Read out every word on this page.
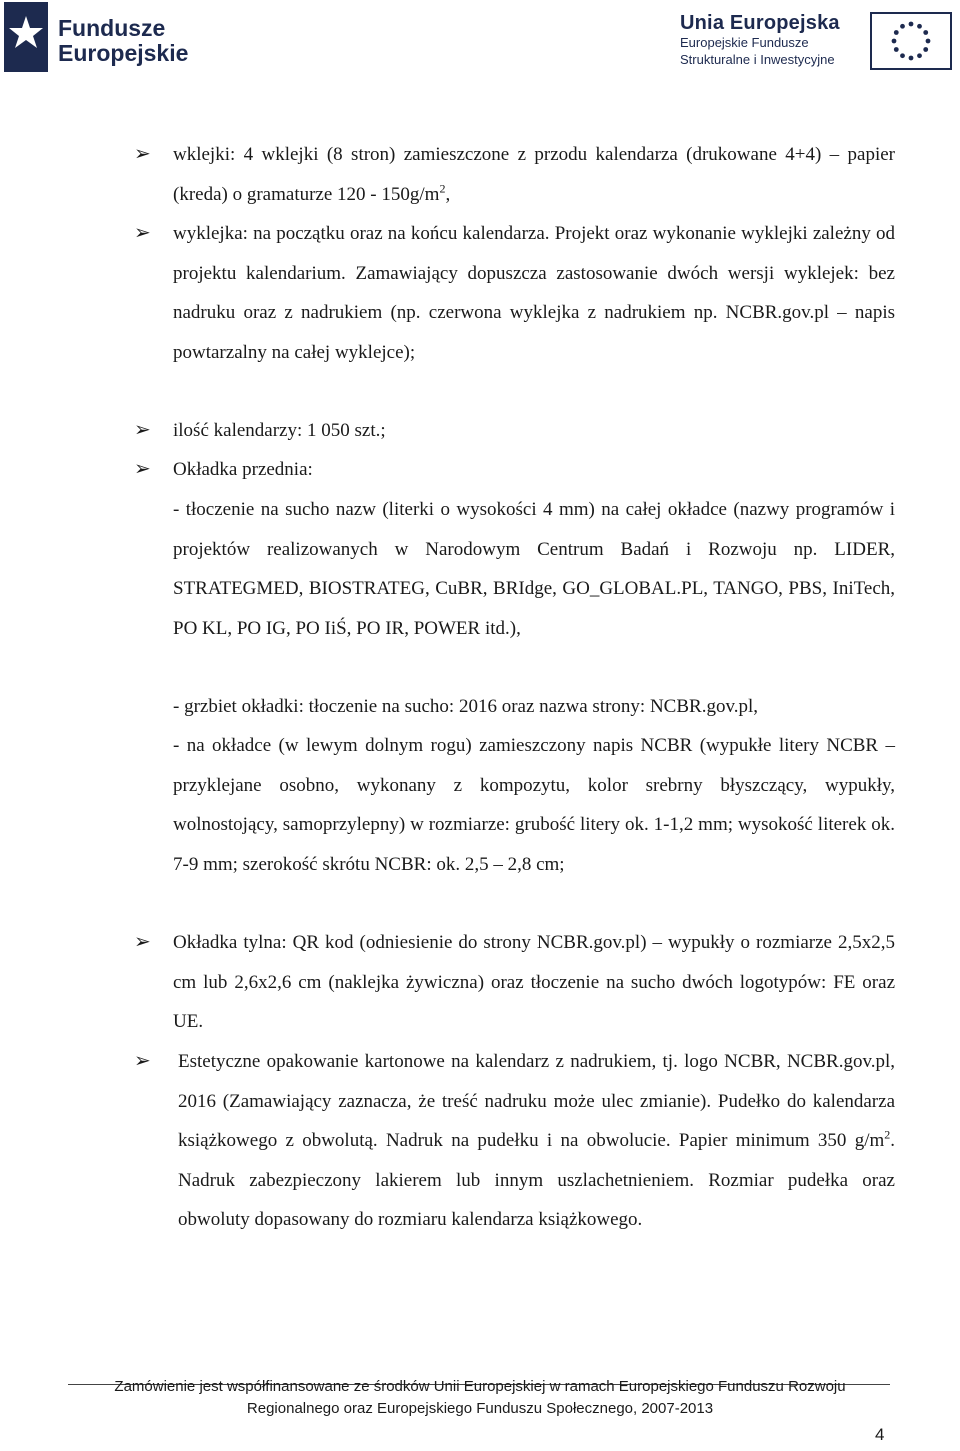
Fundusze
Europejskie
Unia Europejska
Europejskie Fundusze
Strukturalne i Inwestycyjne
➢ wklejki: 4 wklejki (8 stron) zamieszczone z przodu kalendarza (drukowane 4+4) – papier (kreda) o gramaturze $120 - 150g/m^2$,
➢ wyklejka: na początku oraz na końcu kalendarza. Projekt oraz wykonanie wyklejki zależny od projektu kalendarium. Zamawiający dopuszcza zastosowanie dwóch wersji wyklejek: bez nadruku oraz z nadrukiem (np. czerwona wyklejka z nadrukiem np. NCBR.gov.pl – napis powtarzalny na całej wyklejce);
➢ ilość kalendarzy: 1 050 szt.;
➢ Okładka przednia:
- tłoczenie na sucho nazw (literki o wysokości 4 mm) na całej okładce (nazwy programów i projektów realizowanych w Narodowym Centrum Badań i Rozwoju np. LIDER, STRATEGMED, BIOSTRATEG, CuBR, BRIdge, GO_GLOBAL.PL, TANGO, PBS, IniTech, PO KL, PO IG, PO IiŚ, PO IR, POWER itd.),
- grzbiet okładki: tłoczenie na sucho: 2016 oraz nazwa strony: NCBR.gov.pl,
- na okładce (w lewym dolnym rogu) zamieszczony napis NCBR (wypukłe litery NCBR – przyklejane osobno, wykonany z kompozytu, kolor srebrny błyszczący, wypukły, wolnostojący, samoprzylepny) w rozmiarze: grubość litery ok. 1-1,2 mm; wysokość literek ok. 7-9 mm; szerokość skrótu NCBR: ok. 2,5 – 2,8 cm;
➢ Okładka tylna: QR kod (odniesienie do strony NCBR.gov.pl) – wypukły o rozmiarze 2,5x2,5 cm lub 2,6x2,6 cm (naklejka żywiczna) oraz tłoczenie na sucho dwóch logotypów: FE oraz UE.
➢ Estetyczne opakowanie kartonowe na kalendarz z nadrukiem, tj. logo NCBR, NCBR.gov.pl, 2016 (Zamawiający zaznacza, że treść nadruku może ulec zmianie). Pudełko do kalendarza książkowego z obwolutą. Nadruk na pudełku i na obwolucie. Papier minimum 350 $g/m^2$. Nadruk zabezpieczony lakierem lub innym uszlachetnieniem. Rozmiar pudełka oraz obwoluty dopasowany do rozmiaru kalendarza książkowego.
Zamówienie jest współfinansowane ze środków Unii Europejskiej w ramach Europejskiego Funduszu Rozwoju
Regionalnego oraz Europejskiego Funduszu Społecznego, 2007-2013
4
